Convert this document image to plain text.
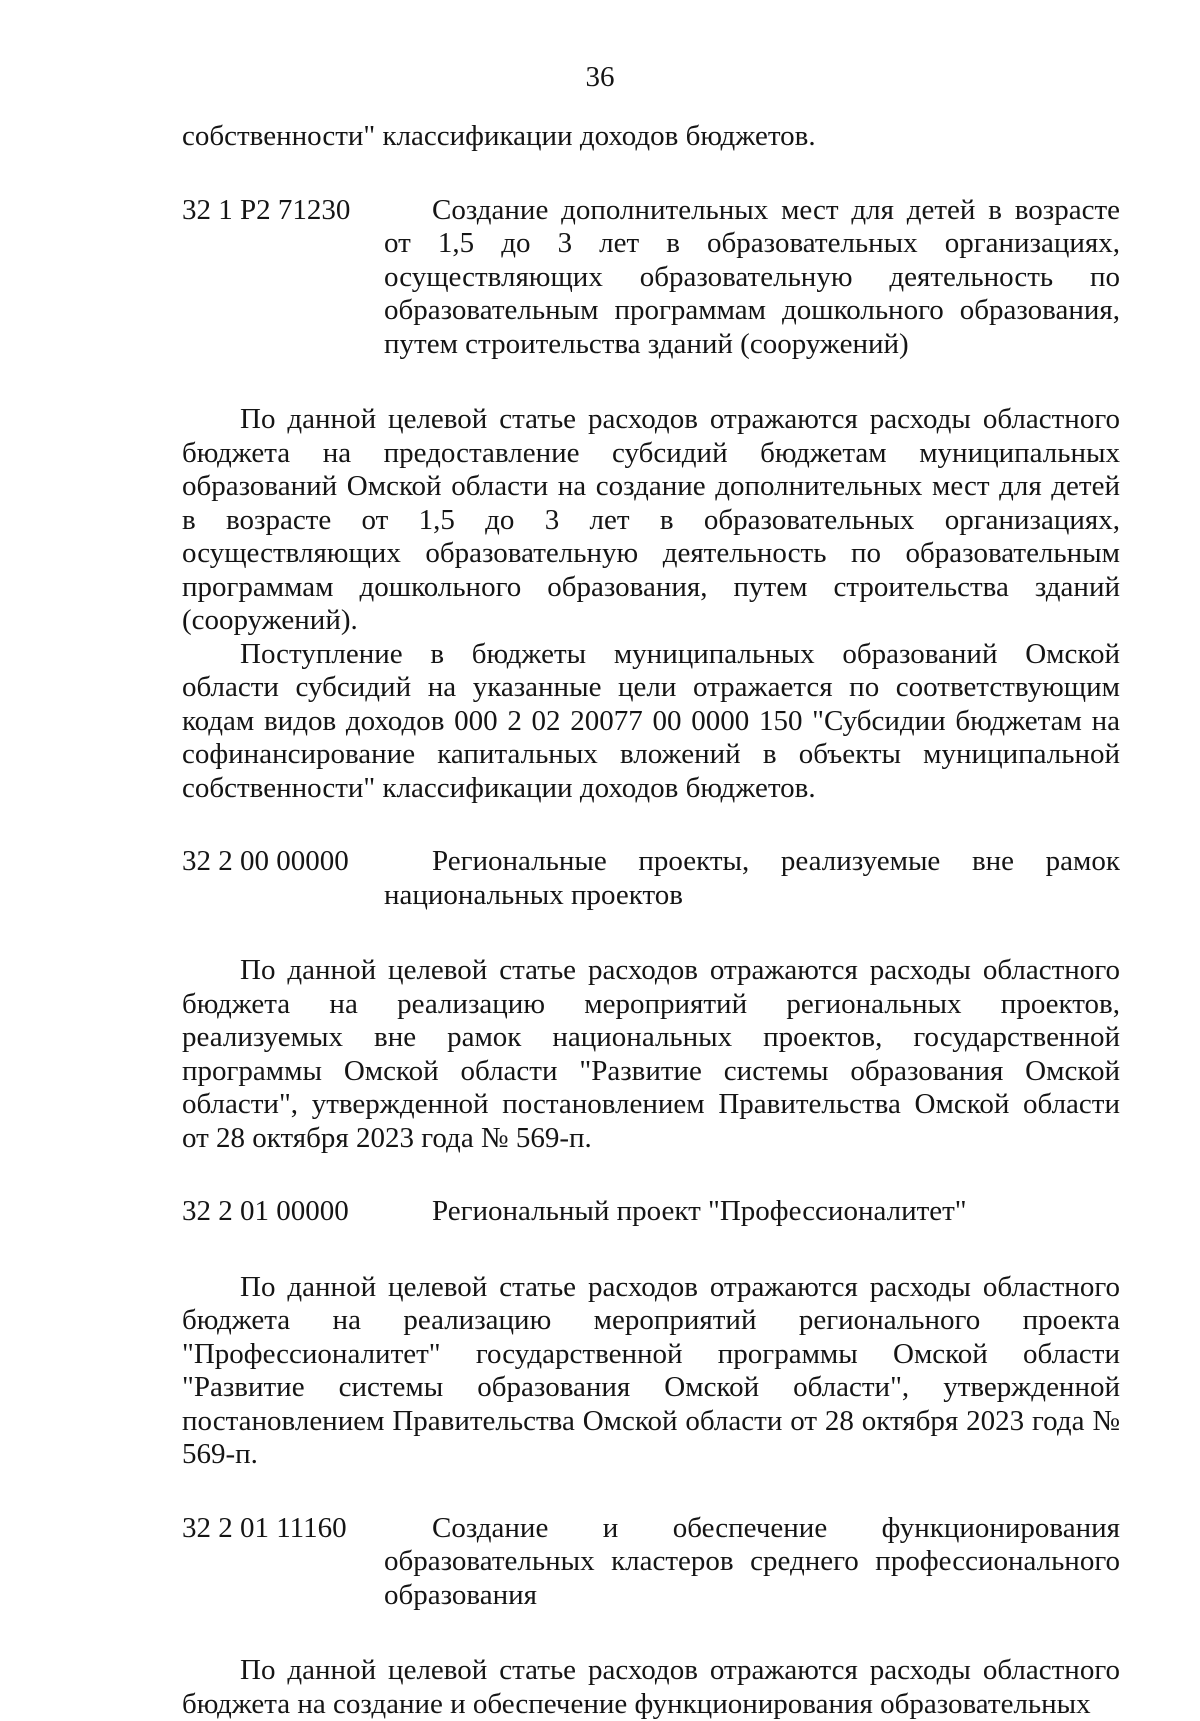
36

собственности" классификации доходов бюджетов.

32 1 Р2 71230	Создание дополнительных мест для детей в возрасте от 1,5 до 3 лет в образовательных организациях, осуществляющих образовательную деятельность по образовательным программам дошкольного образования, путем строительства зданий (сооружений)

По данной целевой статье расходов отражаются расходы областного бюджета на предоставление субсидий бюджетам муниципальных образований Омской области на создание дополнительных мест для детей в возрасте от 1,5 до 3 лет в образовательных организациях, осуществляющих образовательную деятельность по образовательным программам дошкольного образования, путем строительства зданий (сооружений).

Поступление в бюджеты муниципальных образований Омской области субсидий на указанные цели отражается по соответствующим кодам видов доходов 000 2 02 20077 00 0000 150 "Субсидии бюджетам на софинансирование капитальных вложений в объекты муниципальной собственности" классификации доходов бюджетов.

32 2 00 00000	Региональные проекты, реализуемые вне рамок национальных проектов

По данной целевой статье расходов отражаются расходы областного бюджета на реализацию мероприятий региональных проектов, реализуемых вне рамок национальных проектов, государственной программы Омской области "Развитие системы образования Омской области", утвержденной постановлением Правительства Омской области от 28 октября 2023 года № 569-п.

32 2 01 00000	Региональный проект "Профессионалитет"

По данной целевой статье расходов отражаются расходы областного бюджета на реализацию мероприятий регионального проекта "Профессионалитет" государственной программы Омской области "Развитие системы образования Омской области", утвержденной постановлением Правительства Омской области от 28 октября 2023 года № 569-п.

32 2 01 11160	Создание и обеспечение функционирования образовательных кластеров среднего профессионального образования

По данной целевой статье расходов отражаются расходы областного бюджета на создание и обеспечение функционирования образовательных
